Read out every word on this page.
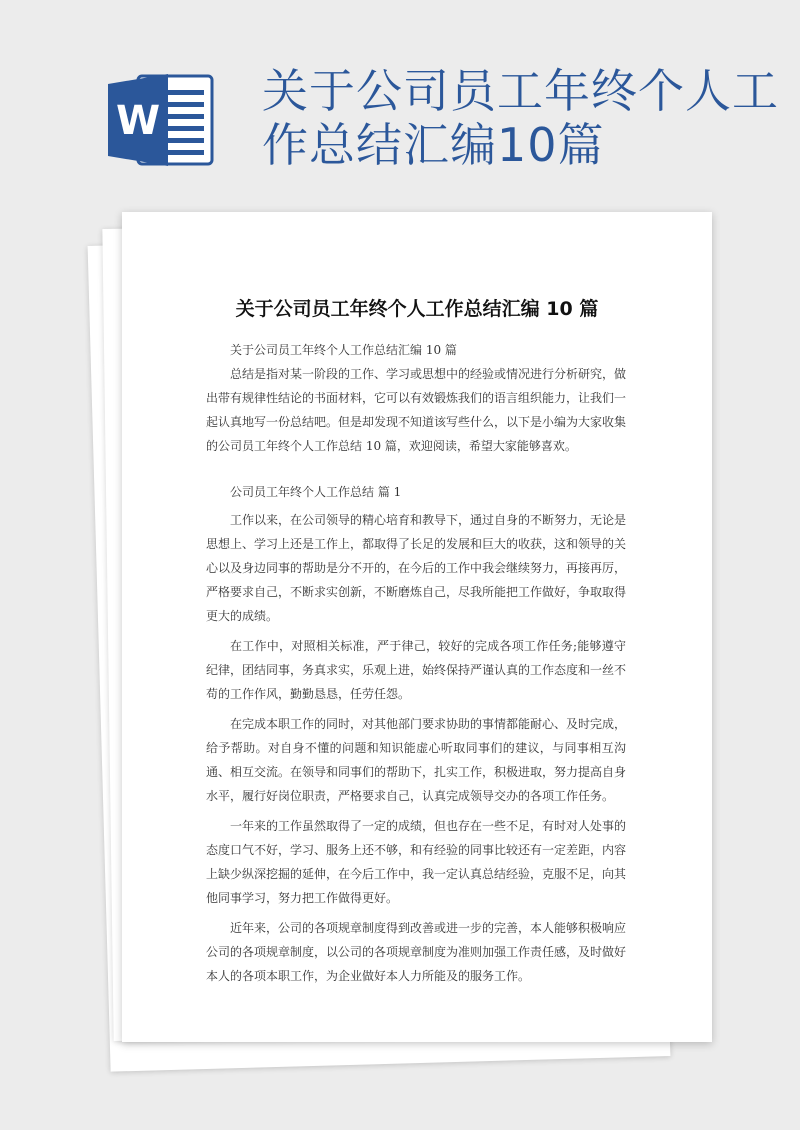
W
关于公司员工年终个人工作总结汇编10篇
关于公司员工年终个人工作总结汇编 10 篇

关于公司员工年终个人工作总结汇编 10 篇

总结是指对某一阶段的工作、学习或思想中的经验或情况进行分析研究，做出带有规律性结论的书面材料，它可以有效锻炼我们的语言组织能力，让我们一起认真地写一份总结吧。但是却发现不知道该写些什么，以下是小编为大家收集的公司员工年终个人工作总结 10 篇，欢迎阅读，希望大家能够喜欢。

公司员工年终个人工作总结 篇 1

工作以来，在公司领导的精心培育和教导下，通过自身的不断努力，无论是思想上、学习上还是工作上，都取得了长足的发展和巨大的收获，这和领导的关心以及身边同事的帮助是分不开的，在今后的工作中我会继续努力，再接再厉，严格要求自己，不断求实创新，不断磨炼自己，尽我所能把工作做好，争取取得更大的成绩。

在工作中，对照相关标准，严于律己，较好的完成各项工作任务;能够遵守纪律，团结同事，务真求实，乐观上进，始终保持严谨认真的工作态度和一丝不苟的工作作风，勤勤恳恳，任劳任怨。

在完成本职工作的同时，对其他部门要求协助的事情都能耐心、及时完成，给予帮助。对自身不懂的问题和知识能虚心听取同事们的建议，与同事相互沟通、相互交流。在领导和同事们的帮助下，扎实工作，积极进取，努力提高自身水平，履行好岗位职责，严格要求自己，认真完成领导交办的各项工作任务。

一年来的工作虽然取得了一定的成绩，但也存在一些不足，有时对人处事的态度口气不好，学习、服务上还不够，和有经验的同事比较还有一定差距，内容上缺少纵深挖掘的延伸，在今后工作中，我一定认真总结经验，克服不足，向其他同事学习，努力把工作做得更好。

近年来，公司的各项规章制度得到改善或进一步的完善，本人能够积极响应公司的各项规章制度，以公司的各项规章制度为准则加强工作责任感，及时做好本人的各项本职工作，为企业做好本人力所能及的服务工作。
